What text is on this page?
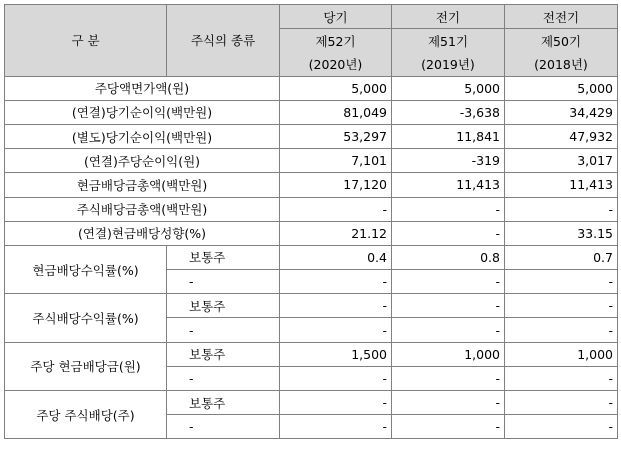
구 분	주식의 종류	당기	전기	전전기
		제52기	제51기	제50기
		(2020년)	(2019년)	(2018년)
주당액면가액(원)		5,000	5,000	5,000
(연결)당기순이익(백만원)		81,049	-3,638	34,429
(별도)당기순이익(백만원)		53,297	11,841	47,932
(연결)주당순이익(원)		7,101	-319	3,017
현금배당금총액(백만원)		17,120	11,413	11,413
주식배당금총액(백만원)		-	-	-
(연결)현금배당성향(%)		21.12	-	33.15
현금배당수익률(%)	보통주	0.4	0.8	0.7
	-	-	-	-
주식배당수익률(%)	보통주	-	-	-
	-	-	-	-
주당 현금배당금(원)	보통주	1,500	1,000	1,000
	-	-	-	-
주당 주식배당(주)	보통주	-	-	-
	-	-	-	-
